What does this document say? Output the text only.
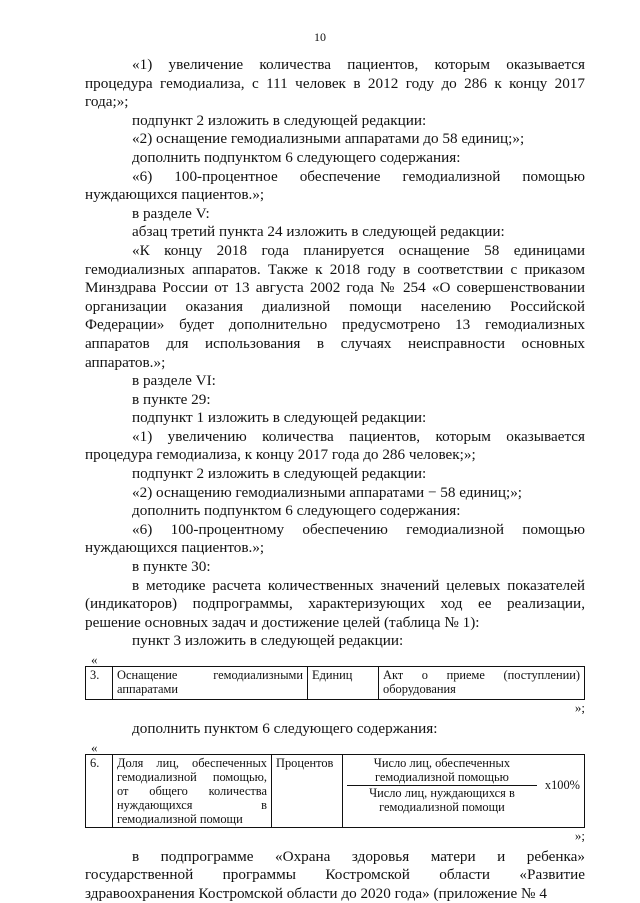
10

«1) увеличение количества пациентов, которым оказывается процедура гемодиализа, с 111 человек в 2012 году до 286 к концу 2017 года;»;

подпункт 2 изложить в следующей редакции:

«2) оснащение гемодиализными аппаратами до 58 единиц;»;

дополнить подпунктом 6 следующего содержания:

«6) 100-процентное обеспечение гемодиализной помощью нуждающихся пациентов.»;

в разделе V:

абзац третий пункта 24 изложить в следующей редакции:

«К концу 2018 года планируется оснащение 58 единицами гемодиализных аппаратов. Также к 2018 году в соответствии с приказом Минздрава России от 13 августа 2002 года № 254 «О совершенствовании организации оказания диализной помощи населению Российской Федерации» будет дополнительно предусмотрено 13 гемодиализных аппаратов для использования в случаях неисправности основных аппаратов.»;

в разделе VI:

в пункте 29:

подпункт 1 изложить в следующей редакции:

«1) увеличению количества пациентов, которым оказывается процедура гемодиализа, к концу 2017 года до 286 человек;»;

подпункт 2 изложить в следующей редакции:

«2) оснащению гемодиализными аппаратами − 58 единиц;»;

дополнить подпунктом 6 следующего содержания:

«6) 100-процентному обеспечению гемодиализной помощью нуждающихся пациентов.»;

в пункте 30:

в методике расчета количественных значений целевых показателей (индикаторов) подпрограммы, характеризующих ход ее реализации, решение основных задач и достижение целей (таблица № 1):

пункт 3 изложить в следующей редакции:

«
3.	Оснащение гемодиализными аппаратами	Единиц	Акт о приеме (поступлении) оборудования
»;

дополнить пунктом 6 следующего содержания:

«
6.	Доля лиц, обеспеченных гемодиализной помощью, от общего количества нуждающихся в гемодиализной помощи	Процентов	$\frac{\text{Число лиц, обеспеченных гемодиализной помощью}}{\text{Число лиц, нуждающихся в гемодиализной помощи}} x100\%$
»;

в подпрограмме «Охрана здоровья матери и ребенка» государственной программы Костромской области «Развитие здравоохранения Костромской области до 2020 года» (приложение № 4
